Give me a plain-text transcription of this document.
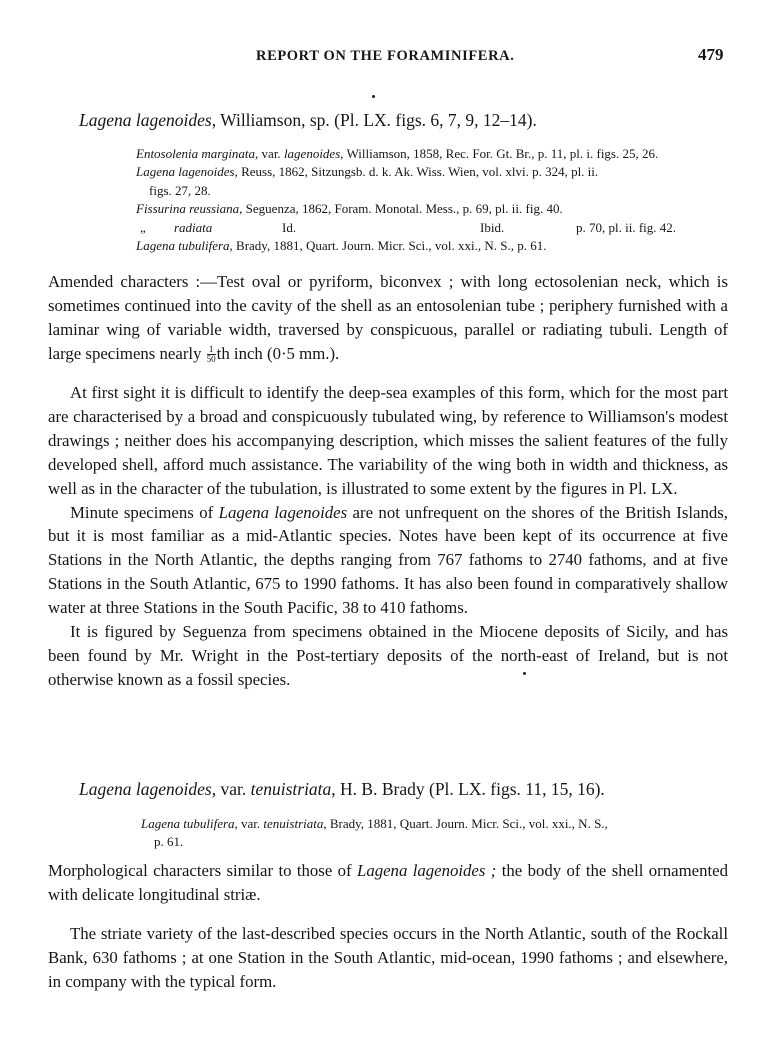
REPORT ON THE FORAMINIFERA.	479
Lagena lagenoides, Williamson, sp. (Pl. LX. figs. 6, 7, 9, 12–14).
Entosolenia marginata, var. lagenoides, Williamson, 1858, Rec. For. Gt. Br., p. 11, pl. i. figs. 25, 26.
Lagena lagenoides, Reuss, 1862, Sitzungsb. d. k. Ak. Wiss. Wien, vol. xlvi. p. 324, pl. ii.
figs. 27, 28.
Fissurina reussiana, Seguenza, 1862, Foram. Monotal. Mess., p. 69, pl. ii. fig. 40.
„ radiata	Id.	Ibid.	p. 70, pl. ii. fig. 42.
Lagena tubulifera, Brady, 1881, Quart. Journ. Micr. Sci., vol. xxi., N. S., p. 61.

Amended characters :—Test oval or pyriform, biconvex ; with long ectosolenian neck, which is sometimes continued into the cavity of the shell as an entosolenian tube ; periphery furnished with a laminar wing of variable width, traversed by conspicuous, parallel or radiating tubuli. Length of large specimens nearly $\frac{1}{50}$ th inch (0·5 mm.).

At first sight it is difficult to identify the deep-sea examples of this form, which for the most part are characterised by a broad and conspicuously tubulated wing, by reference to Williamson's modest drawings ; neither does his accompanying description, which misses the salient features of the fully developed shell, afford much assistance. The variability of the wing both in width and thickness, as well as in the character of the tubulation, is illustrated to some extent by the figures in Pl. LX.

Minute specimens of Lagena lagenoides are not unfrequent on the shores of the British Islands, but it is most familiar as a mid-Atlantic species. Notes have been kept of its occurrence at five Stations in the North Atlantic, the depths ranging from 767 fathoms to 2740 fathoms, and at five Stations in the South Atlantic, 675 to 1990 fathoms. It has also been found in comparatively shallow water at three Stations in the South Pacific, 38 to 410 fathoms.

It is figured by Seguenza from specimens obtained in the Miocene deposits of Sicily, and has been found by Mr. Wright in the Post-tertiary deposits of the north-east of Ireland, but is not otherwise known as a fossil species.

Lagena lagenoides, var. tenuistriata, H. B. Brady (Pl. LX. figs. 11, 15, 16).
Lagena tubulifera, var. tenuistriata, Brady, 1881, Quart. Journ. Micr. Sci., vol. xxi., N. S.,
p. 61.

Morphological characters similar to those of Lagena lagenoides ; the body of the shell ornamented with delicate longitudinal striæ.

The striate variety of the last-described species occurs in the North Atlantic, south of the Rockall Bank, 630 fathoms ; at one Station in the South Atlantic, mid-ocean, 1990 fathoms ; and elsewhere, in company with the typical form.
